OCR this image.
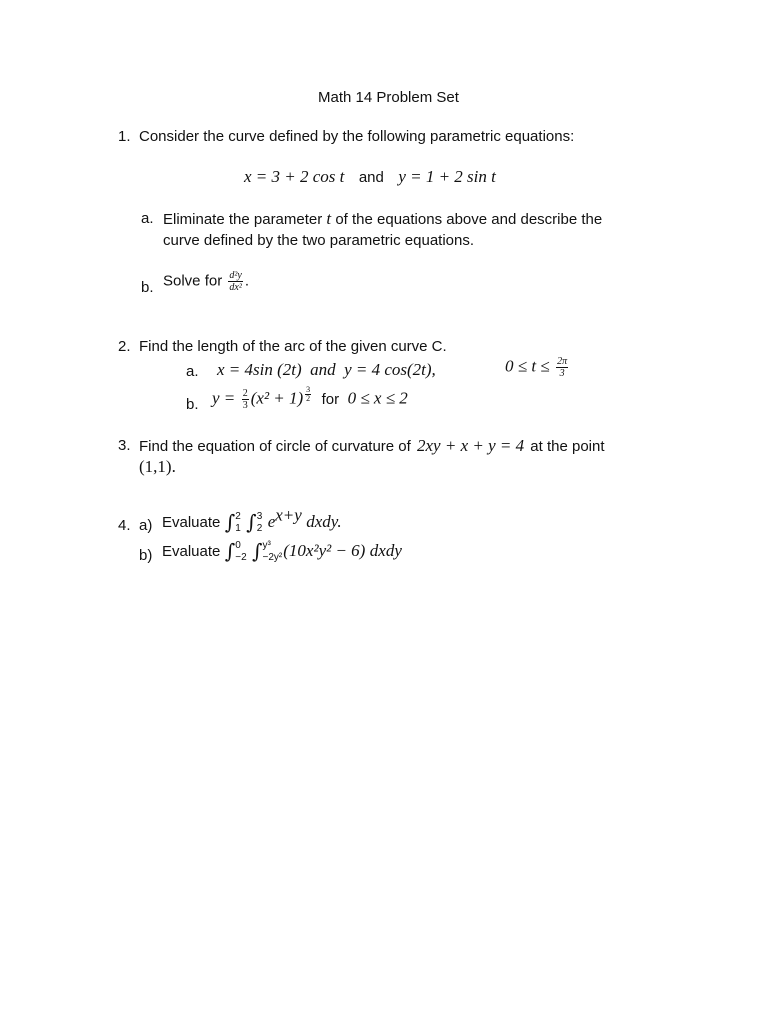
Math 14 Problem Set
1. Consider the curve defined by the following parametric equations:
x = 3 + 2 cos t and y = 1 + 2 sin t
a. Eliminate the parameter t of the equations above and describe the
curve defined by the two parametric equations.
b. Solve for $\frac{\text{d²y}}{\text{dx²}}$ .
2. Find the length of the arc of the given curve C.
a. x = 4sin (2t) and y = 4 cos(2t),	$0 \le t \le \frac{2\pi}{3}$
b. $y = \frac{2}{3} (x^2 + 1) \frac{3}{2}$ for 0 ≤ x ≤ 2
3. Find the equation of circle of curvature of 2xy + x + y = 4 at the point
(1,1).
4. a) Evaluate ∫ 2
1 ∫ 3
2 $e^{x+y}$ dxdy.
b) Evaluate ∫ 0
−2 ∫ y³
−2y² (10x²y² − 6) dxdy
